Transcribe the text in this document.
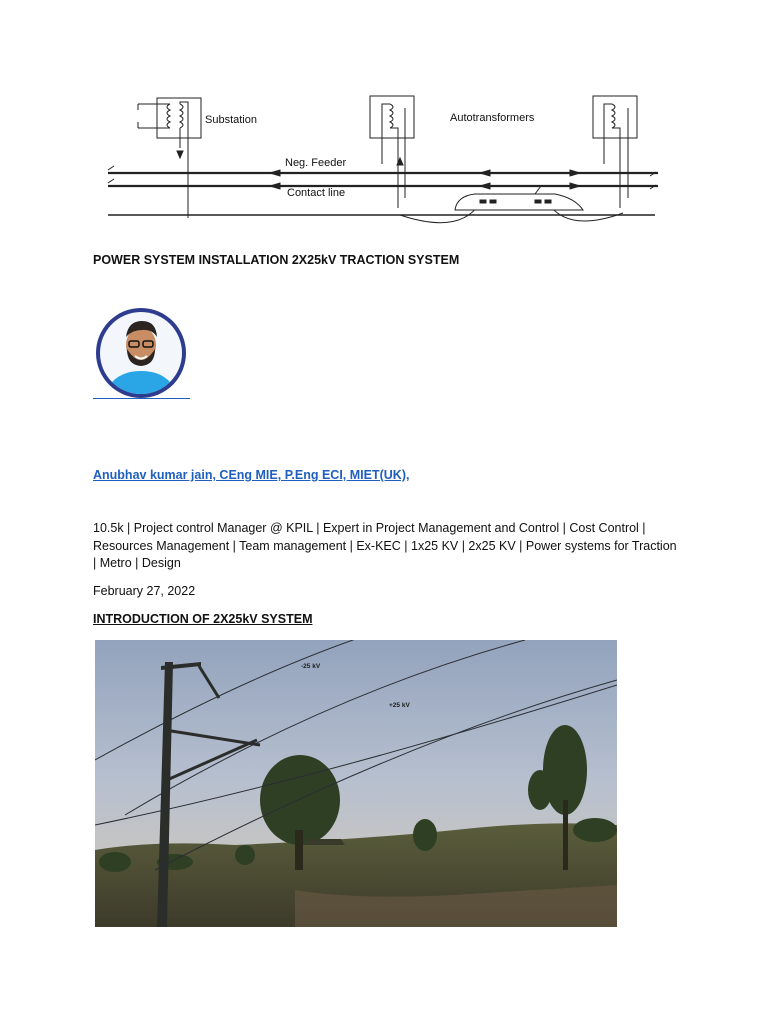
Substation	Autotransformers
Neg. Feeder
Contact line
POWER SYSTEM INSTALLATION 2X25kV TRACTION SYSTEM
Anubhav kumar jain, CEng MIE, P.Eng ECI, MIET(UK),
10.5k | Project control Manager @ KPIL | Expert in Project Management and Control | Cost Control | Resources Management | Team management | Ex-KEC | 1x25 KV | 2x25 KV | Power systems for Traction | Metro | Design
February 27, 2022
INTRODUCTION OF 2X25kV SYSTEM
-25 kV
+25 kV
